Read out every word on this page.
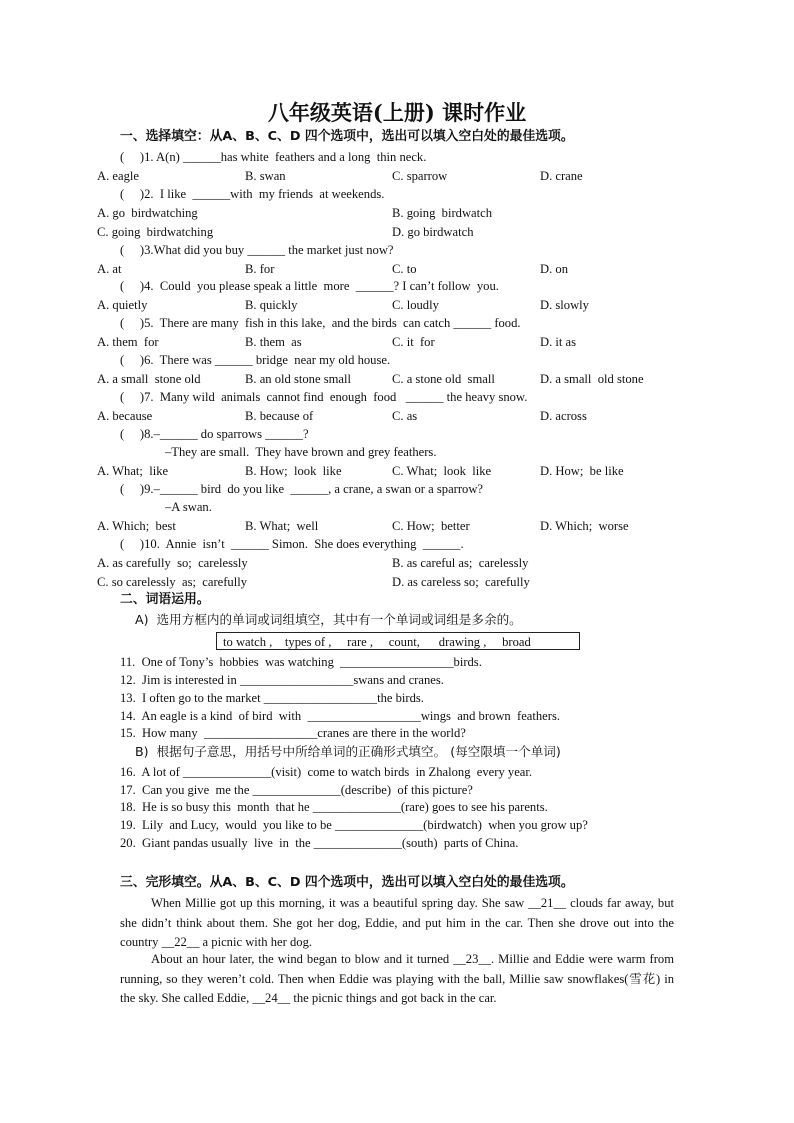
八年级英语(上册) 课时作业
一、选择填空：从A、B、C、D 四个选项中，选出可以填入空白处的最佳选项。
(     )1. A(n) ______has white  feathers and a long  thin neck.
A. eagle	B. swan	C. sparrow	D. crane
(     )2.  I like  ______with  my friends  at weekends.
A. go  birdwatching	B. going  birdwatch
C. going  birdwatching	D. go birdwatch
(     )3.What did you buy ______ the market just now?
A. at	B. for	C. to	D. on
(     )4.  Could  you please speak a little  more  ______? I can’t follow  you.
A. quietly	B. quickly	C. loudly	D. slowly
(     )5.  There are many  fish in this lake,  and the birds  can catch ______ food.
A. them  for	B. them  as	C. it  for	D. it as
(     )6.  There was ______ bridge  near my old house.
A. a small  stone old	B. an old stone small	C. a stone old  small	D. a small  old stone
(     )7.  Many wild  animals  cannot find  enough  food   ______ the heavy snow.
A. because	B. because of	C. as	D. across
(     )8.–______ do sparrows ______?
–They are small.  They have brown and grey feathers.
A. What;  like	B. How;  look  like	C. What;  look  like	D. How;  be like
(     )9.–______ bird  do you like  ______, a crane, a swan or a sparrow?
–A swan.
A. Which;  best	B. What;  well	C. How;  better	D. Which;  worse
(     )10.  Annie  isn’t  ______ Simon.  She does everything  ______.
A. as carefully  so;  carelessly	B. as careful as;  carelessly
C. so carelessly  as;  carefully	D. as careless so;  carefully
二、词语运用。
A)  选用方框内的单词或词组填空，其中有一个单词或词组是多余的。
to watch ,    types of ,     rare ,     count,      drawing ,     broad
11.  One of Tony’s  hobbies  was watching  __________________birds.
12.  Jim is interested in __________________swans and cranes.
13.  I often go to the market __________________the birds.
14.  An eagle is a kind  of bird  with  __________________wings  and brown  feathers.
15.  How many  __________________cranes are there in the world?
B)  根据句子意思，用括号中所给单词的正确形式填空。 (每空限填一个单词)
16.  A lot of ______________(visit)  come to watch birds  in Zhalong  every year.
17.  Can you give  me the ______________(describe)  of this picture?
18.  He is so busy this  month  that he ______________(rare) goes to see his parents.
19.  Lily  and Lucy,  would  you like to be ______________(birdwatch)  when you grow up?
20.  Giant pandas usually  live  in  the ______________(south)  parts of China.
三、完形填空。从A、B、C、D 四个选项中，选出可以填入空白处的最佳选项。
When Millie got up this morning, it was a beautiful spring day. She saw __21__ clouds far away, but she didn’t think about them. She got her dog, Eddie, and put him in the car. Then she drove out into the country __22__ a picnic with her dog.
About an hour later, the wind began to blow and it turned __23__. Millie and Eddie were warm from running, so they weren’t cold. Then when Eddie was playing with the ball, Millie saw snowflakes(雪花) in the sky. She called Eddie, __24__ the picnic things and got back in the car.
